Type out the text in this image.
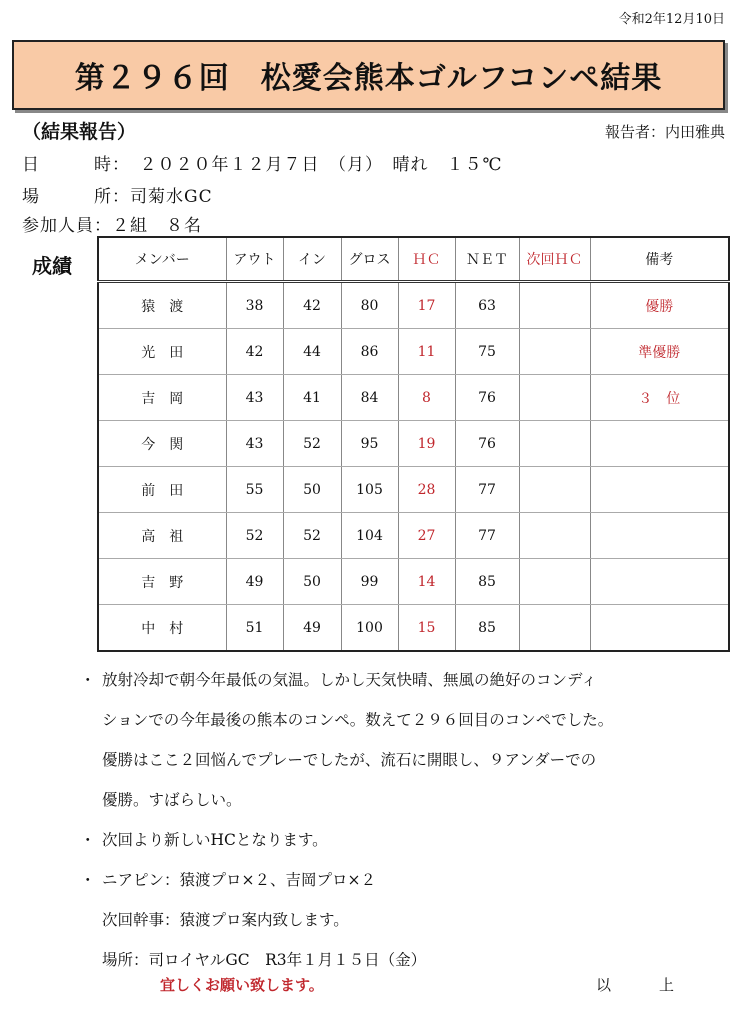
令和2年12月10日
第２９６回　松愛会熊本ゴルフコンペ結果
（結果報告）	報告者：内田雅典
日　　　時：　２０２０年１２月７日　（月）　晴れ　１５℃
場　　　所：司菊水GC
参加人員：２組　８名
成績	メンバー	アウト	イン	グロス	ＨＣ	ＮＥＴ	次回ＨＣ	備考
猿渡	38	42	80	17	63		優勝
光田	42	44	86	11	75		準優勝
吉岡	43	41	84	8	76		３　位
今関	43	52	95	19	76		
前田	55	50	105	28	77		
高祖	52	52	104	27	77		
吉野	49	50	99	14	85		
中村	51	49	100	15	85		
・ 放射冷却で朝今年最低の気温。しかし天気快晴、無風の絶好のコンディ
ションでの今年最後の熊本のコンペ。数えて２９６回目のコンペでした。
優勝はここ２回悩んでプレーでしたが、流石に開眼し、９アンダーでの
優勝。すばらしい。
・ 次回より新しいHCとなります。
・ ニアピン：猿渡プロ×２、吉岡プロ×２
次回幹事：猿渡プロ案内致します。
場所：司ロイヤルGC　R3年１月１５日（金）
宜しくお願い致します。	以上
